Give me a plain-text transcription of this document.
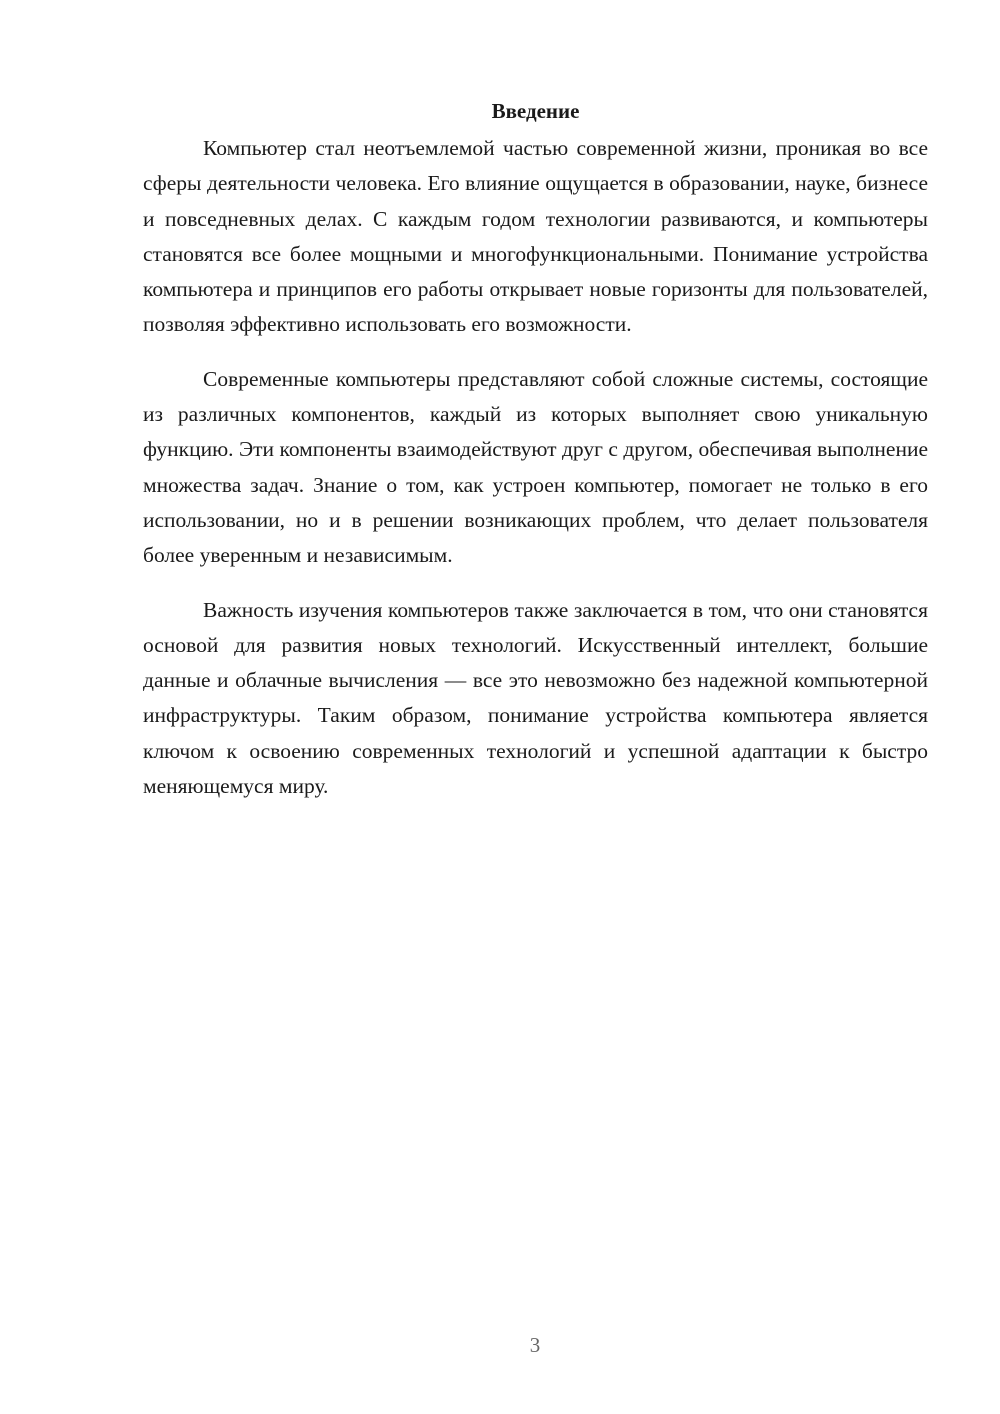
Введение

Компьютер стал неотъемлемой частью современной жизни, проникая во все сферы деятельности человека. Его влияние ощущается в образовании, науке, бизнесе и повседневных делах. С каждым годом технологии развиваются, и компьютеры становятся все более мощными и многофункциональными. Понимание устройства компьютера и принципов его работы открывает новые горизонты для пользователей, позволяя эффективно использовать его возможности.

Современные компьютеры представляют собой сложные системы, состоящие из различных компонентов, каждый из которых выполняет свою уникальную функцию. Эти компоненты взаимодействуют друг с другом, обеспечивая выполнение множества задач. Знание о том, как устроен компьютер, помогает не только в его использовании, но и в решении возникающих проблем, что делает пользователя более уверенным и независимым.

Важность изучения компьютеров также заключается в том, что они становятся основой для развития новых технологий. Искусственный интеллект, большие данные и облачные вычисления — все это невозможно без надежной компьютерной инфраструктуры. Таким образом, понимание устройства компьютера является ключом к освоению современных технологий и успешной адаптации к быстро меняющемуся миру.

3
